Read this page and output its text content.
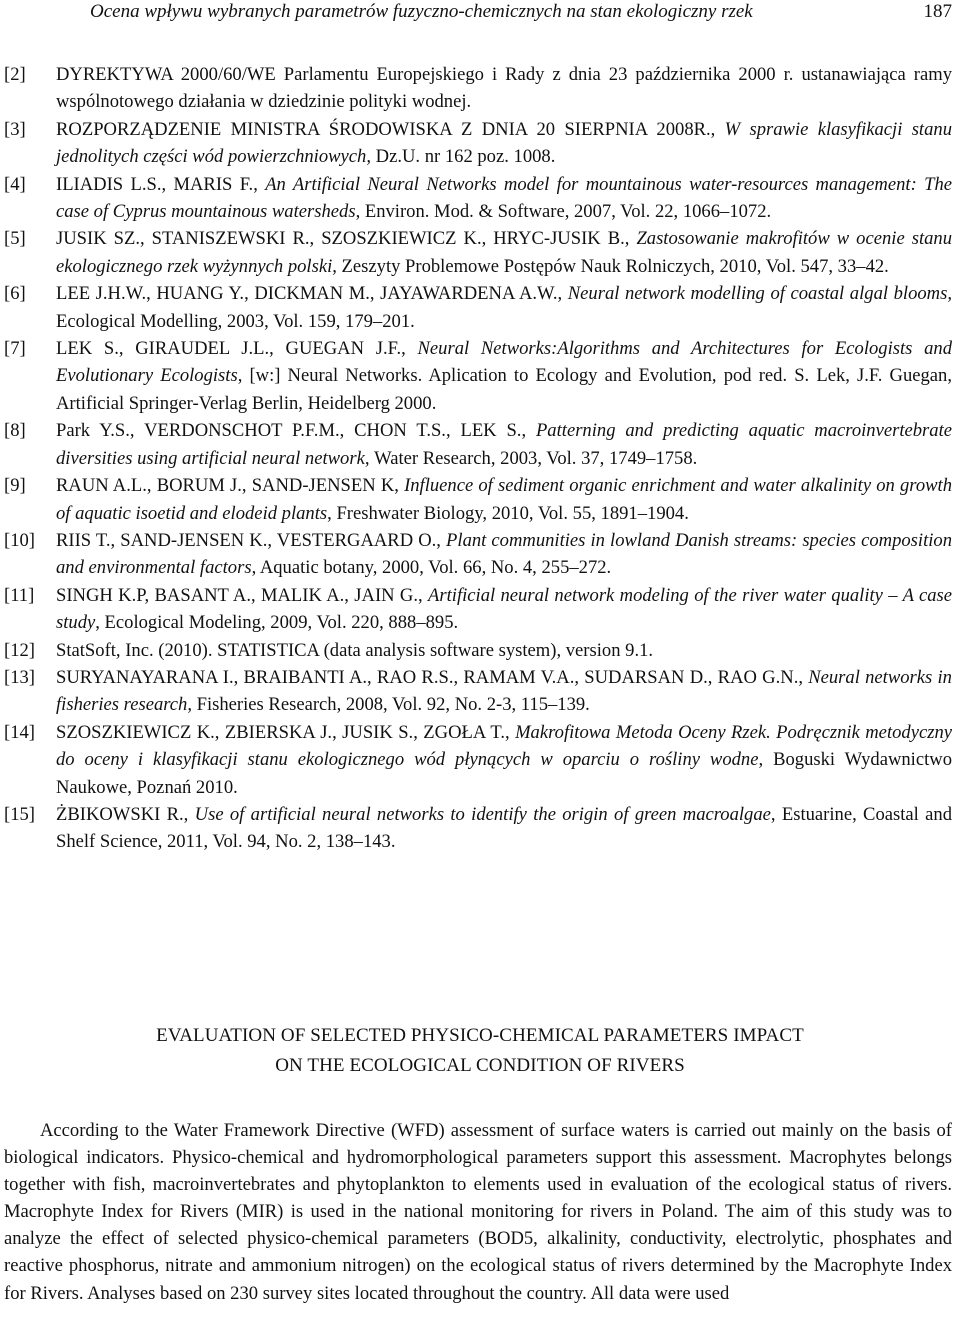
Ocena wpływu wybranych parametrów fuzyczno-chemicznych na stan ekologiczny rzek	187
[2] DYREKTYWA 2000/60/WE Parlamentu Europejskiego i Rady z dnia 23 października 2000 r. ustanawiająca ramy wspólnotowego działania w dziedzinie polityki wodnej.
[3] ROZPORZĄDZENIE MINISTRA ŚRODOWISKA Z DNIA 20 SIERPNIA 2008R., W sprawie klasyfikacji stanu jednolitych części wód powierzchniowych, Dz.U. nr 162 poz. 1008.
[4] ILIADIS L.S., MARIS F., An Artificial Neural Networks model for mountainous water-resources management: The case of Cyprus mountainous watersheds, Environ. Mod. & Software, 2007, Vol. 22, 1066–1072.
[5] JUSIK SZ., STANISZEWSKI R., SZOSZKIEWICZ K., HRYC-JUSIK B., Zastosowanie makrofitów w ocenie stanu ekologicznego rzek wyżynnych polski, Zeszyty Problemowe Postępów Nauk Rolniczych, 2010, Vol. 547, 33–42.
[6] LEE J.H.W., HUANG Y., DICKMAN M., JAYAWARDENA A.W., Neural network modelling of coastal algal blooms, Ecological Modelling, 2003, Vol. 159, 179–201.
[7] LEK S., GIRAUDEL J.L., GUEGAN J.F., Neural Networks:Algorithms and Architectures for Ecologists and Evolutionary Ecologists, [w:] Neural Networks. Aplication to Ecology and Evolution, pod red. S. Lek, J.F. Guegan, Artificial Springer-Verlag Berlin, Heidelberg 2000.
[8] Park Y.S., VERDONSCHOT P.F.M., CHON T.S., LEK S., Patterning and predicting aquatic macroinvertebrate diversities using artificial neural network, Water Research, 2003, Vol. 37, 1749–1758.
[9] RAUN A.L., BORUM J., SAND-JENSEN K, Influence of sediment organic enrichment and water alkalinity on growth of aquatic isoetid and elodeid plants, Freshwater Biology, 2010, Vol. 55, 1891–1904.
[10] RIIS T., SAND-JENSEN K., VESTERGAARD O., Plant communities in lowland Danish streams: species composition and environmental factors, Aquatic botany, 2000, Vol. 66, No. 4, 255–272.
[11] SINGH K.P, BASANT A., MALIK A., JAIN G., Artificial neural network modeling of the river water quality – A case study, Ecological Modeling, 2009, Vol. 220, 888–895.
[12] StatSoft, Inc. (2010). STATISTICA (data analysis software system), version 9.1.
[13] SURYANAYARANA I., BRAIBANTI A., RAO R.S., RAMAM V.A., SUDARSAN D., RAO G.N., Neural networks in fisheries research, Fisheries Research, 2008, Vol. 92, No. 2-3, 115–139.
[14] SZOSZKIEWICZ K., ZBIERSKA J., JUSIK S., ZGOŁA T., Makrofitowa Metoda Oceny Rzek. Podręcznik metodyczny do oceny i klasyfikacji stanu ekologicznego wód płynących w oparciu o rośliny wodne, Boguski Wydawnictwo Naukowe, Poznań 2010.
[15] ŻBIKOWSKI R., Use of artificial neural networks to identify the origin of green macroalgae, Estuarine, Coastal and Shelf Science, 2011, Vol. 94, No. 2, 138–143.
EVALUATION OF SELECTED PHYSICO-CHEMICAL PARAMETERS IMPACT
ON THE ECOLOGICAL CONDITION OF RIVERS
According to the Water Framework Directive (WFD) assessment of surface waters is carried out mainly on the basis of biological indicators. Physico-chemical and hydromorphological parameters support this assessment. Macrophytes belongs together with fish, macroinvertebrates and phytoplankton to elements used in evaluation of the ecological status of rivers. Macrophyte Index for Rivers (MIR) is used in the national monitoring for rivers in Poland. The aim of this study was to analyze the effect of selected physico-chemical parameters (BOD5, alkalinity, conductivity, electrolytic, phosphates and reactive phosphorus, nitrate and ammonium nitrogen) on the ecological status of rivers determined by the Macrophyte Index for Rivers. Analyses based on 230 survey sites located throughout the country. All data were used
